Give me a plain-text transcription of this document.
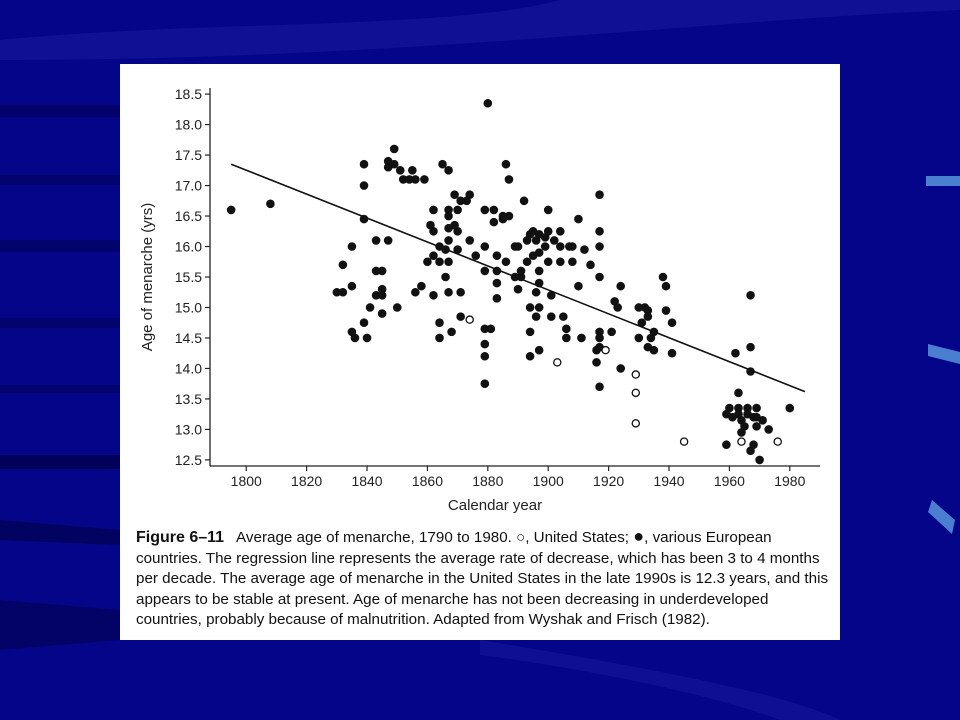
12.5
13.0
13.5
14.0
14.5
15.0
15.5
16.0
16.5
17.0
17.5
18.0
18.5
1800 1820 1840 1860 1880 1900 1920 1940 1960 1980
Calendar year
Age of menarche (yrs)
Figure 6–11 Average age of menarche, 1790 to 1980. ○, United States; ●, various European countries. The regression line represents the average rate of decrease, which has been 3 to 4 months per decade. The average age of menarche in the United States in the late 1990s is 12.3 years, and this appears to be stable at present. Age of menarche has not been decreasing in underdeveloped countries, probably because of malnutrition. Adapted from Wyshak and Frisch (1982).
